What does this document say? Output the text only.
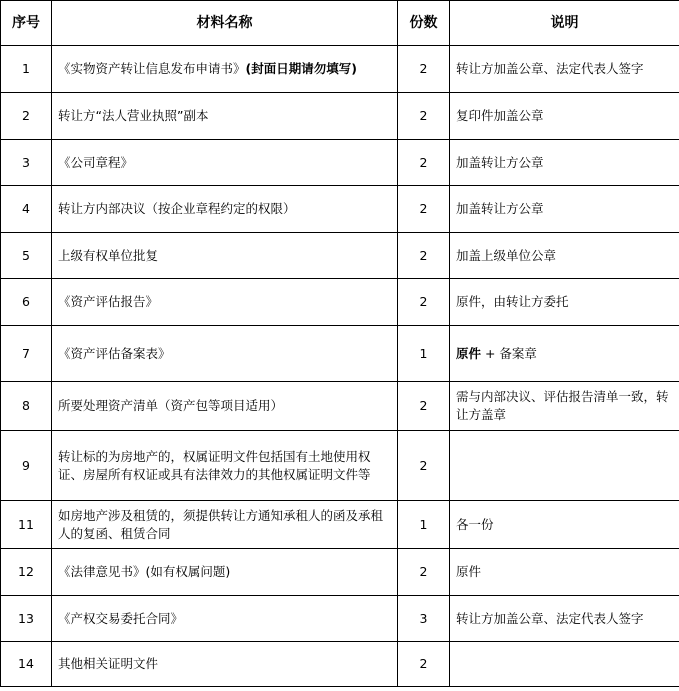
序号	材料名称	份数	说明
1	《实物资产转让信息发布申请书》(封面日期请勿填写)	2	转让方加盖公章、法定代表人签字
2	转让方“法人营业执照”副本	2	复印件加盖公章
3	《公司章程》	2	加盖转让方公章
4	转让方内部决议（按企业章程约定的权限）	2	加盖转让方公章
5	上级有权单位批复	2	加盖上级单位公章
6	《资产评估报告》	2	原件，由转让方委托
7	《资产评估备案表》	1	原件 + 备案章
8	所要处理资产清单（资产包等项目适用）	2	需与内部决议、评估报告清单一致，转让方盖章
9	转让标的为房地产的，权属证明文件包括国有土地使用权证、房屋所有权证或具有法律效力的其他权属证明文件等	2	
11	如房地产涉及租赁的，须提供转让方通知承租人的函及承租人的复函、租赁合同	1	各一份
12	《法律意见书》(如有权属问题)	2	原件
13	《产权交易委托合同》	3	转让方加盖公章、法定代表人签字
14	其他相关证明文件	2	
